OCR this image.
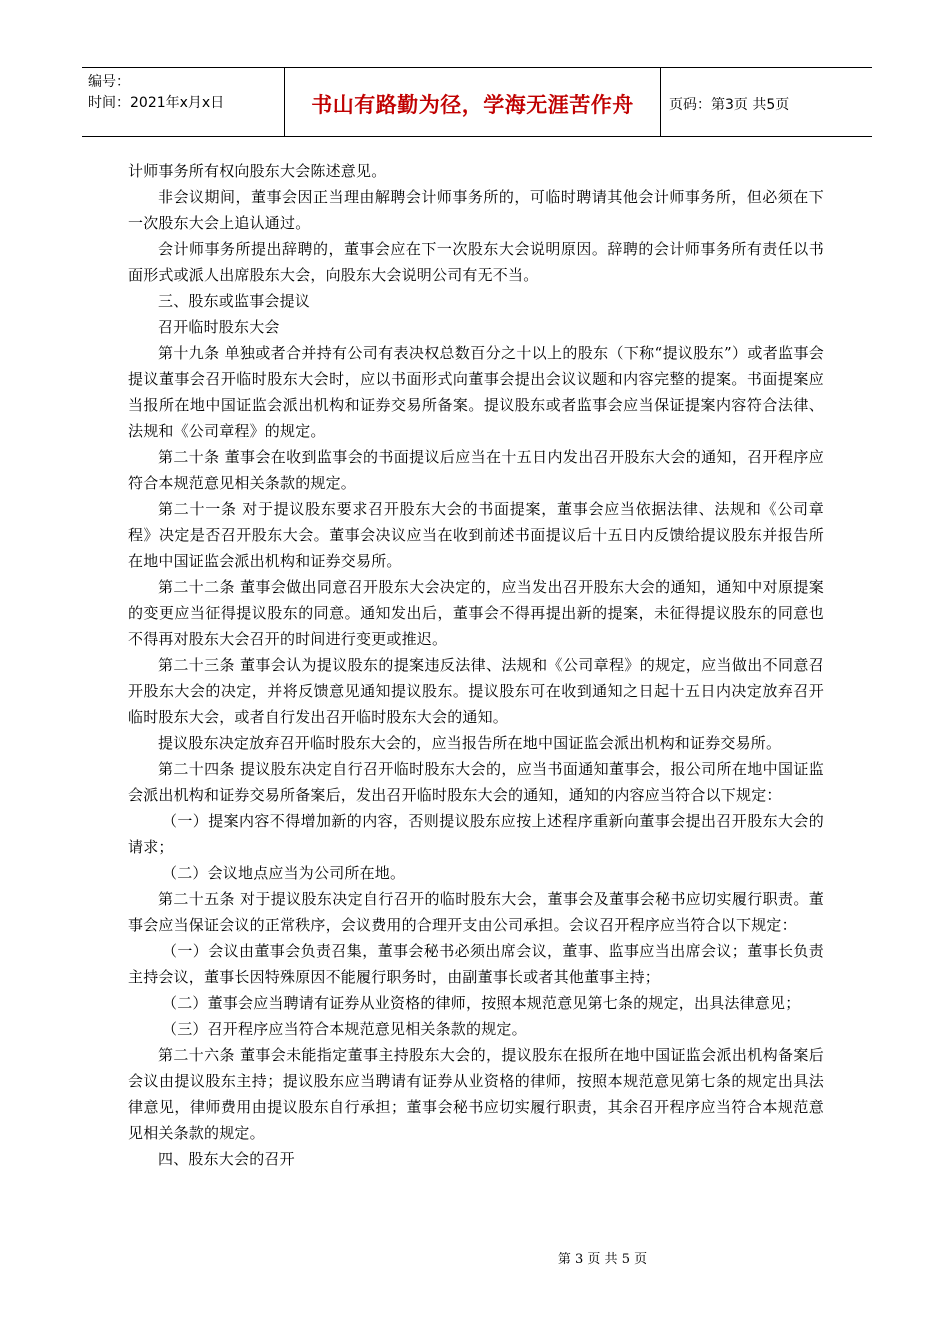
编号：
时间：2021年x月x日	书山有路勤为径，学海无涯苦作舟	页码：第3页 共5页

计师事务所有权向股东大会陈述意见。

非会议期间，董事会因正当理由解聘会计师事务所的，可临时聘请其他会计师事务所，但必须在下一次股东大会上追认通过。

会计师事务所提出辞聘的，董事会应在下一次股东大会说明原因。辞聘的会计师事务所有责任以书面形式或派人出席股东大会，向股东大会说明公司有无不当。

三、股东或监事会提议

召开临时股东大会

第十九条 单独或者合并持有公司有表决权总数百分之十以上的股东（下称“提议股东”）或者监事会提议董事会召开临时股东大会时，应以书面形式向董事会提出会议议题和内容完整的提案。书面提案应当报所在地中国证监会派出机构和证券交易所备案。提议股东或者监事会应当保证提案内容符合法律、法规和《公司章程》的规定。

第二十条 董事会在收到监事会的书面提议后应当在十五日内发出召开股东大会的通知，召开程序应符合本规范意见相关条款的规定。

第二十一条 对于提议股东要求召开股东大会的书面提案，董事会应当依据法律、法规和《公司章程》决定是否召开股东大会。董事会决议应当在收到前述书面提议后十五日内反馈给提议股东并报告所在地中国证监会派出机构和证券交易所。

第二十二条 董事会做出同意召开股东大会决定的，应当发出召开股东大会的通知，通知中对原提案的变更应当征得提议股东的同意。通知发出后，董事会不得再提出新的提案，未征得提议股东的同意也不得再对股东大会召开的时间进行变更或推迟。

第二十三条 董事会认为提议股东的提案违反法律、法规和《公司章程》的规定，应当做出不同意召开股东大会的决定，并将反馈意见通知提议股东。提议股东可在收到通知之日起十五日内决定放弃召开临时股东大会，或者自行发出召开临时股东大会的通知。

提议股东决定放弃召开临时股东大会的，应当报告所在地中国证监会派出机构和证券交易所。

第二十四条 提议股东决定自行召开临时股东大会的，应当书面通知董事会，报公司所在地中国证监会派出机构和证券交易所备案后，发出召开临时股东大会的通知，通知的内容应当符合以下规定：

（一）提案内容不得增加新的内容，否则提议股东应按上述程序重新向董事会提出召开股东大会的请求；

（二）会议地点应当为公司所在地。

第二十五条 对于提议股东决定自行召开的临时股东大会，董事会及董事会秘书应切实履行职责。董事会应当保证会议的正常秩序，会议费用的合理开支由公司承担。会议召开程序应当符合以下规定：

（一）会议由董事会负责召集，董事会秘书必须出席会议，董事、监事应当出席会议；董事长负责主持会议，董事长因特殊原因不能履行职务时，由副董事长或者其他董事主持；

（二）董事会应当聘请有证券从业资格的律师，按照本规范意见第七条的规定，出具法律意见；

（三）召开程序应当符合本规范意见相关条款的规定。

第二十六条 董事会未能指定董事主持股东大会的，提议股东在报所在地中国证监会派出机构备案后会议由提议股东主持；提议股东应当聘请有证券从业资格的律师，按照本规范意见第七条的规定出具法律意见，律师费用由提议股东自行承担；董事会秘书应切实履行职责，其余召开程序应当符合本规范意见相关条款的规定。

四、股东大会的召开

第 3 页 共 5 页
